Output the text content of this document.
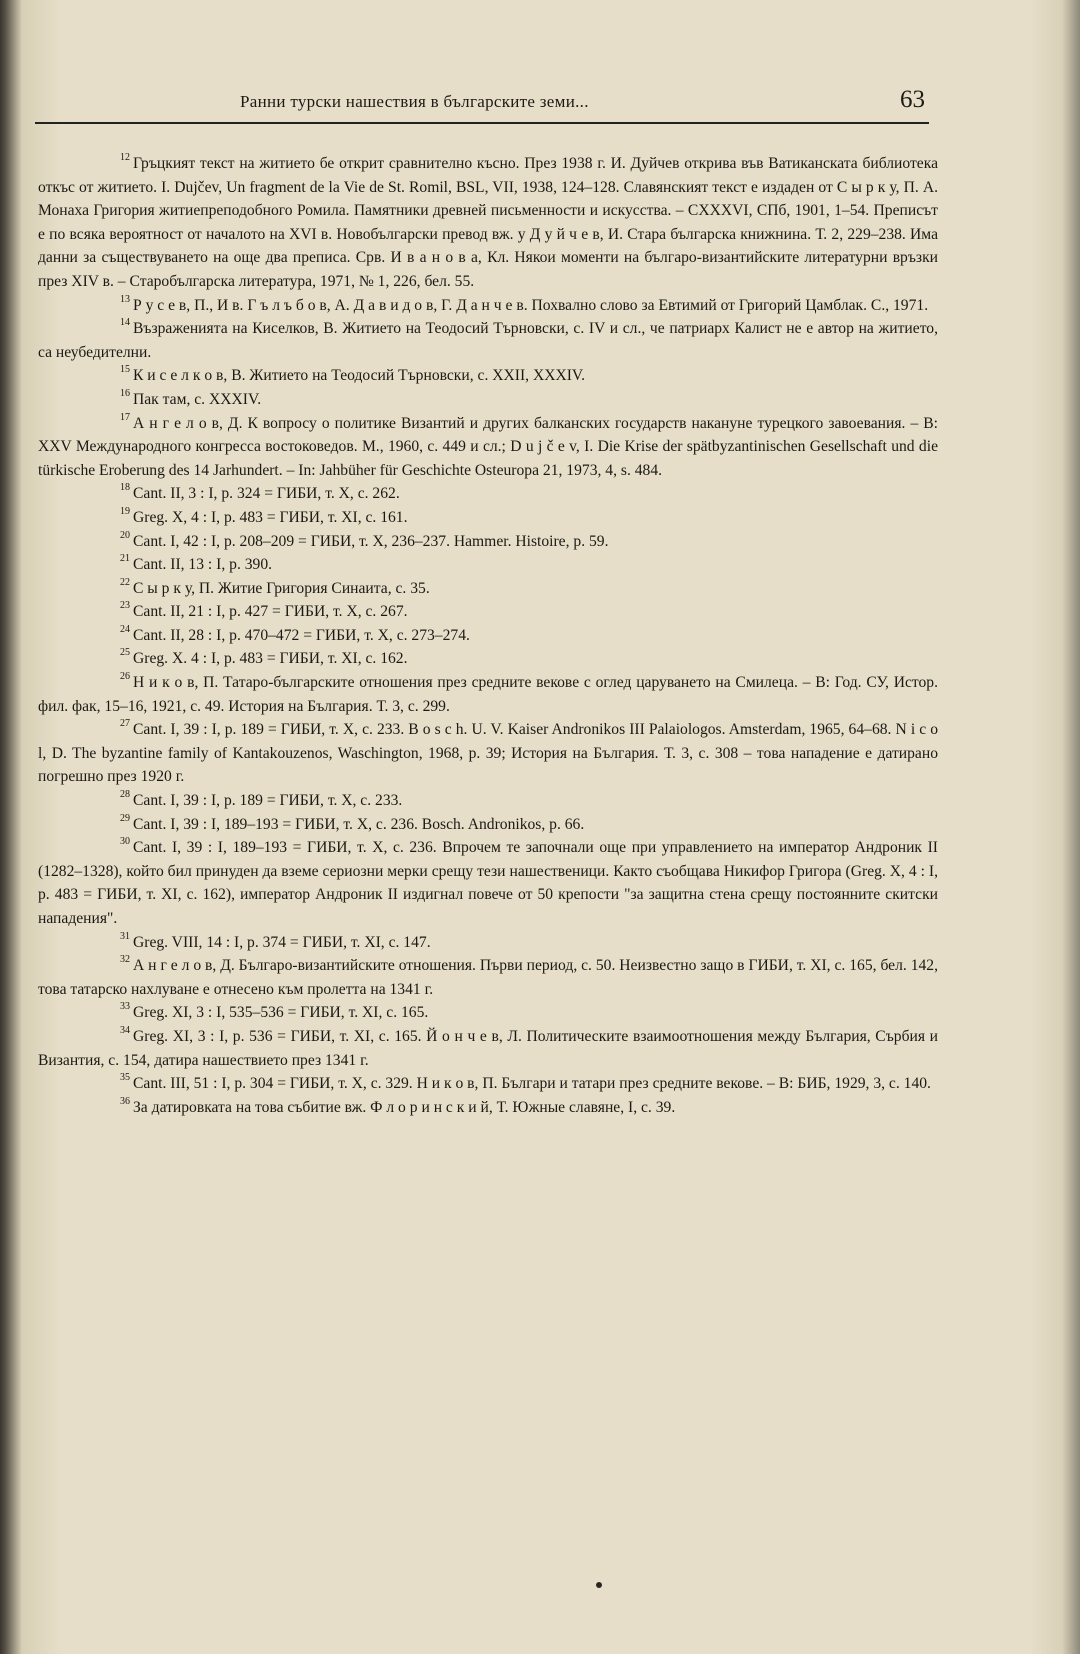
Ранни турски нашествия в българските земи...	63

$^{12}$ Гръцкият текст на житието бе открит сравнително късно. През 1938 г. И. Дуйчев открива във Ватиканската библиотека откъс от житието. I. Dujčev, Un fragment de la Vie de St. Romil, BSL, VII, 1938, 124–128. Славянският текст е издаден от С ы р к у, П. А. Монаха Григория житиепреподобного Ромила. Памятники древней письменности и искусства. – CXXXVI, СПб, 1901, 1–54. Преписът е по всяка вероятност от началото на XVI в. Новобългарски превод вж. у Д у й ч е в, И. Стара българска книжнина. Т. 2, 229–238. Има данни за съществуването на още два преписа. Срв. И в а н о в а, Кл. Някои моменти на българо-византийските литературни връзки през XIV в. – Старобългарска литература, 1971, № 1, 226, бел. 55.

$^{13}$ Р у с е в, П., И в. Г ъ л ъ б о в, А. Д а в и д о в, Г. Д а н ч е в. Похвално слово за Евтимий от Григорий Цамблак. С., 1971.

$^{14}$ Възраженията на Киселков, В. Житието на Теодосий Търновски, с. IV и сл., че патриарх Калист не е автор на житието, са неубедителни.

$^{15}$ К и с е л к о в, В. Житието на Теодосий Търновски, с. XXII, XXXIV.

$^{16}$ Пак там, с. XXXIV.

$^{17}$ А н г е л о в, Д. К вопросу о политике Византий и других балканских государств накануне турецкого завоевания. – В: XXV Международного конгресса востоковедов. М., 1960, с. 449 и сл.; D u j č e v, I. Die Krise der spätbyzantinischen Gesellschaft und die türkische Eroberung des 14 Jarhundert. – In: Jahbüher für Geschichte Osteuropa 21, 1973, 4, s. 484.

$^{18}$ Cant. II, 3 : I, p. 324 = ГИБИ, т. X, с. 262.

$^{19}$ Greg. X, 4 : I, p. 483 = ГИБИ, т. XI, с. 161.

$^{20}$ Cant. I, 42 : I, p. 208–209 = ГИБИ, т. X, 236–237. Hammer. Histoire, p. 59.

$^{21}$ Cant. II, 13 : I, p. 390.

$^{22}$ С ы р к у, П. Житие Григория Синаита, с. 35.

$^{23}$ Cant. II, 21 : I, p. 427 = ГИБИ, т. X, с. 267.

$^{24}$ Cant. II, 28 : I, p. 470–472 = ГИБИ, т. X, с. 273–274.

$^{25}$ Greg. X. 4 : I, p. 483 = ГИБИ, т. XI, с. 162.

$^{26}$ Н и к о в, П. Татаро-българските отношения през средните векове с оглед царуването на Смилеца. – В: Год. СУ, Истор. фил. фак, 15–16, 1921, с. 49. История на България. Т. 3, с. 299.

$^{27}$ Cant. I, 39 : I, p. 189 = ГИБИ, т. X, с. 233. B o s c h. U. V. Kaiser Andronikos III Palaiologos. Amsterdam, 1965, 64–68. N i c o l, D. The byzantine family of Kantakouzenos, Waschington, 1968, p. 39; История на България. Т. 3, с. 308 – това нападение е датирано погрешно през 1920 г.

$^{28}$ Cant. I, 39 : I, p. 189 = ГИБИ, т. X, с. 233.

$^{29}$ Cant. I, 39 : I, 189–193 = ГИБИ, т. X, с. 236. Bosch. Andronikos, p. 66.

$^{30}$ Cant. I, 39 : I, 189–193 = ГИБИ, т. X, с. 236. Впрочем те започнали още при управлението на император Андроник II (1282–1328), който бил принуден да вземе сериозни мерки срещу тези нашественици. Както съобщава Никифор Григора (Greg. X, 4 : I, p. 483 = ГИБИ, т. XI, с. 162), император Андроник II издигнал повече от 50 крепости "за защитна стена срещу постоянните скитски нападения".

$^{31}$ Greg. VIII, 14 : I, p. 374 = ГИБИ, т. XI, с. 147.

$^{32}$ А н г е л о в, Д. Българо-византийските отношения. Първи период, с. 50. Неизвестно защо в ГИБИ, т. XI, с. 165, бел. 142, това татарско нахлуване е отнесено към пролетта на 1341 г.

$^{33}$ Greg. XI, 3 : I, 535–536 = ГИБИ, т. XI, с. 165.

$^{34}$ Greg. XI, 3 : I, p. 536 = ГИБИ, т. XI, с. 165. Й о н ч е в, Л. Политическите взаимоотношения между България, Сърбия и Византия, с. 154, датира нашествието през 1341 г.

$^{35}$ Cant. III, 51 : I, p. 304 = ГИБИ, т. X, с. 329. Н и к о в, П. Българи и татари през средните векове. – В: БИБ, 1929, 3, с. 140.

$^{36}$ За датировката на това събитие вж. Ф л о р и н с к и й, Т. Южные славяне, I, с. 39.
